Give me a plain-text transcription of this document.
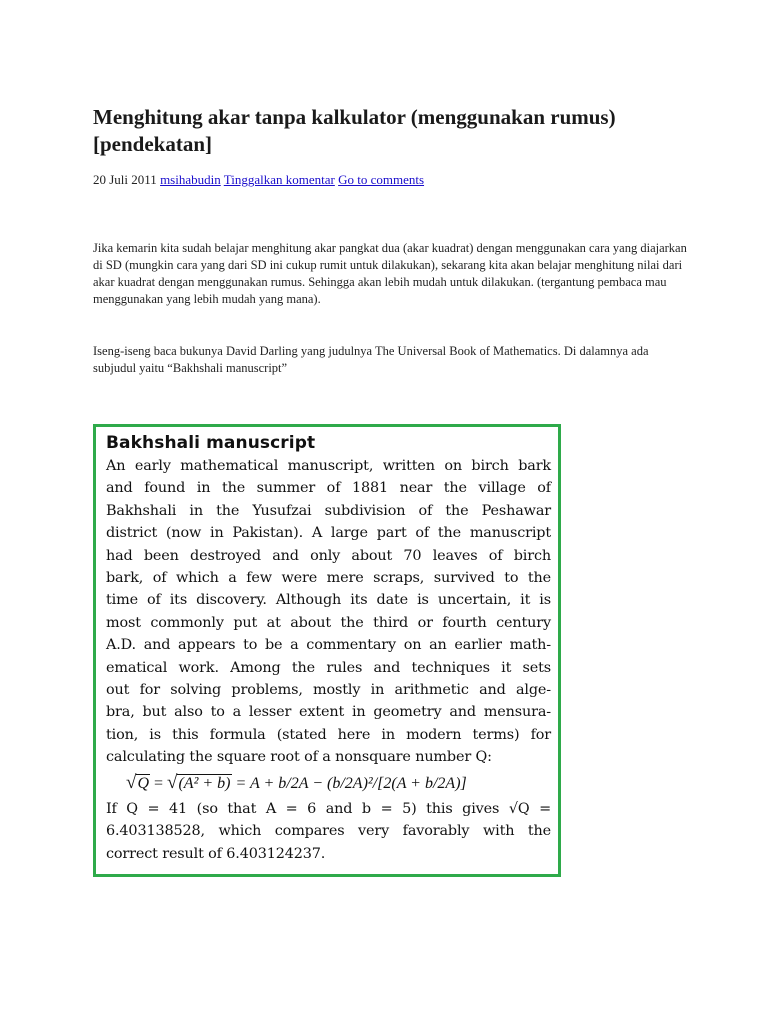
Menghitung akar tanpa kalkulator (menggunakan rumus) [pendekatan]
20 Juli 2011 msihabudin Tinggalkan komentar Go to comments

Jika kemarin kita sudah belajar menghitung akar pangkat dua (akar kuadrat) dengan menggunakan cara yang diajarkan di SD (mungkin cara yang dari SD ini cukup rumit untuk dilakukan), sekarang kita akan belajar menghitung nilai dari akar kuadrat dengan menggunakan rumus. Sehingga akan lebih mudah untuk dilakukan. (tergantung pembaca mau menggunakan yang lebih mudah yang mana).

Iseng-iseng baca bukunya David Darling yang judulnya The Universal Book of Mathematics. Di dalamnya ada subjudul yaitu “Bakhshali manuscript”

Bakhshali manuscript
An early mathematical manuscript, written on birch bark
and found in the summer of 1881 near the village of
Bakhshali in the Yusufzai subdivision of the Peshawar
district (now in Pakistan). A large part of the manuscript
had been destroyed and only about 70 leaves of birch
bark, of which a few were mere scraps, survived to the
time of its discovery. Although its date is uncertain, it is
most commonly put at about the third or fourth century
A.D. and appears to be a commentary on an earlier math-
ematical work. Among the rules and techniques it sets
out for solving problems, mostly in arithmetic and alge-
bra, but also to a lesser extent in geometry and mensura-
tion, is this formula (stated here in modern terms) for
calculating the square root of a nonsquare number Q:
√Q = √(A² + b) = A + b/2A − (b/2A)²/[2(A + b/2A)]
If Q = 41 (so that A = 6 and b = 5) this gives √Q =
6.403138528, which compares very favorably with the
correct result of 6.403124237.
